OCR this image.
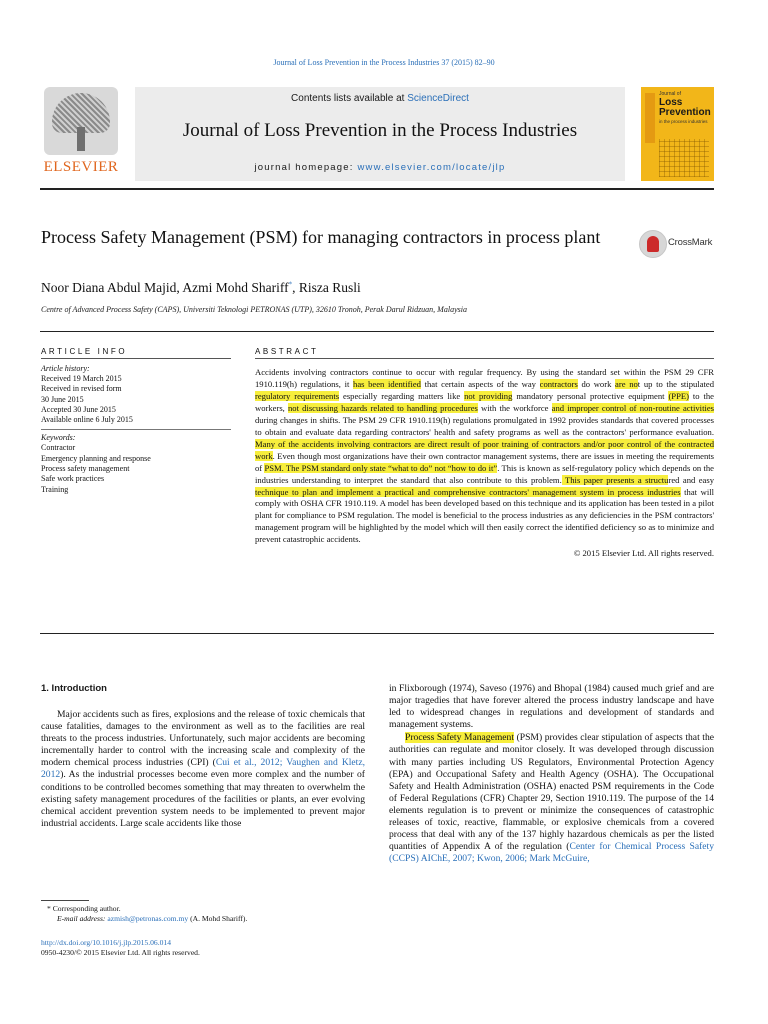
Journal of Loss Prevention in the Process Industries 37 (2015) 82–90
ELSEVIER
Contents lists available at ScienceDirect
Journal of Loss Prevention in the Process Industries
journal homepage: www.elsevier.com/locate/jlp
Journal of
Loss Prevention
in the process industries
Process Safety Management (PSM) for managing contractors in process plant	CrossMark
Noor Diana Abdul Majid, Azmi Mohd Shariff*, Risza Rusli
Centre of Advanced Process Safety (CAPS), Universiti Teknologi PETRONAS (UTP), 32610 Tronoh, Perak Darul Ridzuan, Malaysia
ARTICLE INFO	ABSTRACT
Article history:
Received 19 March 2015
Received in revised form
30 June 2015
Accepted 30 June 2015
Available online 6 July 2015
Keywords:
Contractor
Emergency planning and response
Process safety management
Safe work practices
Training
Accidents involving contractors continue to occur with regular frequency. By using the standard set within the PSM 29 CFR 1910.119(h) regulations, it has been identified that certain aspects of the way contractors do work are not up to the stipulated regulatory requirements especially regarding matters like not providing mandatory personal protective equipment (PPE) to the workers, not discussing hazards related to handling procedures with the workforce and improper control of non-routine activities during changes in shifts. The PSM 29 CFR 1910.119(h) regulations promulgated in 1992 provides standards that covered processes to obtain and evaluate data regarding contractors' health and safety programs as well as the contractors' performance evaluation. Many of the accidents involving contractors are direct result of poor training of contractors and/or poor control of the contracted work. Even though most organizations have their own contractor management systems, there are issues in meeting the requirements of PSM. The PSM standard only state “what to do” not “how to do it”. This is known as self-regulatory policy which depends on the industries understanding to interpret the standard that also contribute to this problem. This paper presents a structured and easy technique to plan and implement a practical and comprehensive contractors' management system in process industries that will comply with OSHA CFR 1910.119. A model has been developed based on this technique and its application has been tested in a pilot plant for compliance to PSM regulation. The model is beneficial to the process industries as any deficiencies in the PSM contractors' management program will be highlighted by the model which will then easily correct the identified deficiency so as to minimize and prevent catastrophic accidents.
© 2015 Elsevier Ltd. All rights reserved.
1. Introduction
Major accidents such as fires, explosions and the release of toxic chemicals that cause fatalities, damages to the environment as well as to the facilities are real threats to the process industries. Unfortunately, such major accidents are becoming incrementally harder to control with the increasing scale and complexity of the modern chemical process industries (CPI) (Cui et al., 2012; Vaughen and Kletz, 2012). As the industrial processes become even more complex and the number of conditions to be controlled becomes something that may threaten to overwhelm the existing safety management procedures of the facilities or plants, an ever evolving chemical accident prevention system needs to be implemented to prevent major industrial accidents. Large scale accidents like those
in Flixborough (1974), Saveso (1976) and Bhopal (1984) caused much grief and are major tragedies that have forever altered the process industry landscape and have led to widespread changes in regulations and development of standards and management systems.
Process Safety Management (PSM) provides clear stipulation of aspects that the authorities can regulate and monitor closely. It was developed through discussion with many parties including US Regulators, Environmental Protection Agency (EPA) and Occupational Safety and Health Agency (OSHA). The Occupational Safety and Health Administration (OSHA) enacted PSM requirements in the Code of Federal Regulations (CFR) Chapter 29, Section 1910.119. The purpose of the 14 elements regulation is to prevent or minimize the consequences of catastrophic releases of toxic, reactive, flammable, or explosive chemicals from a covered process that deal with any of the 137 highly hazardous chemicals as per the listed quantities of Appendix A of the regulation (Center for Chemical Process Safety (CCPS) AIChE, 2007; Kwon, 2006; Mark McGuire,
* Corresponding author.
E-mail address: azmish@petronas.com.my (A. Mohd Shariff).
http://dx.doi.org/10.1016/j.jlp.2015.06.014
0950-4230/© 2015 Elsevier Ltd. All rights reserved.
